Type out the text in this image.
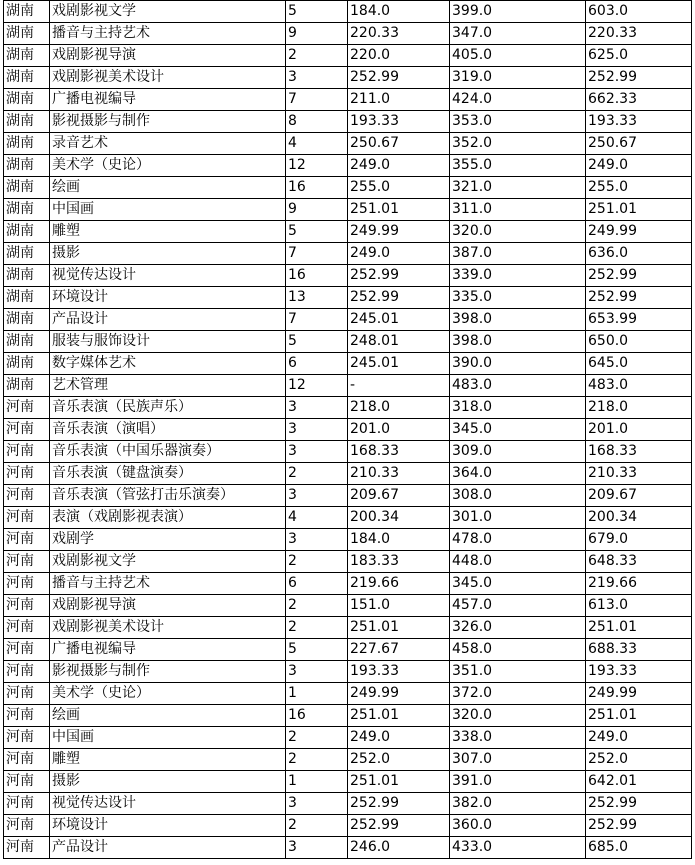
湖南	戏剧影视文学	5	184.0	399.0	603.0
湖南	播音与主持艺术	9	220.33	347.0	220.33
湖南	戏剧影视导演	2	220.0	405.0	625.0
湖南	戏剧影视美术设计	3	252.99	319.0	252.99
湖南	广播电视编导	7	211.0	424.0	662.33
湖南	影视摄影与制作	8	193.33	353.0	193.33
湖南	录音艺术	4	250.67	352.0	250.67
湖南	美术学（史论）	12	249.0	355.0	249.0
湖南	绘画	16	255.0	321.0	255.0
湖南	中国画	9	251.01	311.0	251.01
湖南	雕塑	5	249.99	320.0	249.99
湖南	摄影	7	249.0	387.0	636.0
湖南	视觉传达设计	16	252.99	339.0	252.99
湖南	环境设计	13	252.99	335.0	252.99
湖南	产品设计	7	245.01	398.0	653.99
湖南	服装与服饰设计	5	248.01	398.0	650.0
湖南	数字媒体艺术	6	245.01	390.0	645.0
湖南	艺术管理	12	-	483.0	483.0
河南	音乐表演（民族声乐）	3	218.0	318.0	218.0
河南	音乐表演（演唱）	3	201.0	345.0	201.0
河南	音乐表演（中国乐器演奏）	3	168.33	309.0	168.33
河南	音乐表演（键盘演奏）	2	210.33	364.0	210.33
河南	音乐表演（管弦打击乐演奏）	3	209.67	308.0	209.67
河南	表演（戏剧影视表演）	4	200.34	301.0	200.34
河南	戏剧学	3	184.0	478.0	679.0
河南	戏剧影视文学	2	183.33	448.0	648.33
河南	播音与主持艺术	6	219.66	345.0	219.66
河南	戏剧影视导演	2	151.0	457.0	613.0
河南	戏剧影视美术设计	2	251.01	326.0	251.01
河南	广播电视编导	5	227.67	458.0	688.33
河南	影视摄影与制作	3	193.33	351.0	193.33
河南	美术学（史论）	1	249.99	372.0	249.99
河南	绘画	16	251.01	320.0	251.01
河南	中国画	2	249.0	338.0	249.0
河南	雕塑	2	252.0	307.0	252.0
河南	摄影	1	251.01	391.0	642.01
河南	视觉传达设计	3	252.99	382.0	252.99
河南	环境设计	2	252.99	360.0	252.99
河南	产品设计	3	246.0	433.0	685.0
